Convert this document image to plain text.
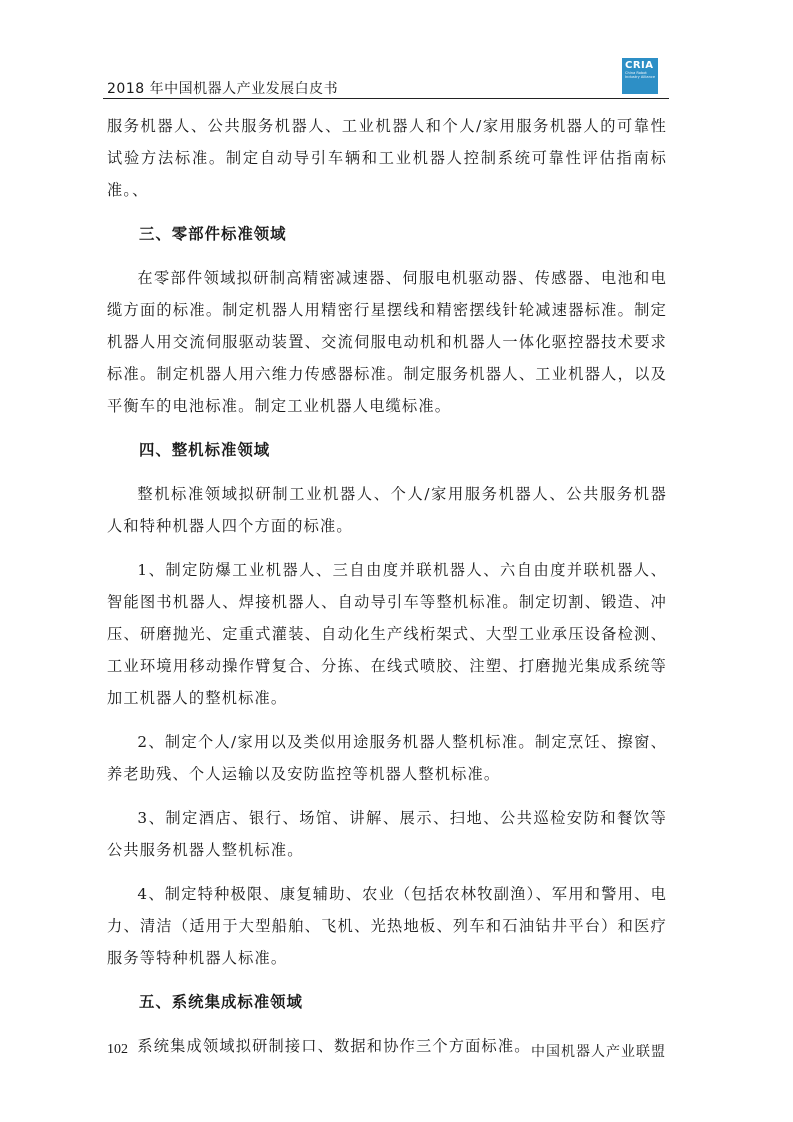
2018 年中国机器人产业发展白皮书
CRIA
China Robot Industry Alliance

服务机器人、公共服务机器人、工业机器人和个人/家用服务机器人的可靠性试验方法标准。制定自动导引车辆和工业机器人控制系统可靠性评估指南标准。、

三、零部件标准领域

在零部件领域拟研制高精密减速器、伺服电机驱动器、传感器、电池和电缆方面的标准。制定机器人用精密行星摆线和精密摆线针轮减速器标准。制定机器人用交流伺服驱动装置、交流伺服电动机和机器人一体化驱控器技术要求标准。制定机器人用六维力传感器标准。制定服务机器人、工业机器人，以及平衡车的电池标准。制定工业机器人电缆标准。

四、整机标准领域

整机标准领域拟研制工业机器人、个人/家用服务机器人、公共服务机器人和特种机器人四个方面的标准。

1、制定防爆工业机器人、三自由度并联机器人、六自由度并联机器人、智能图书机器人、焊接机器人、自动导引车等整机标准。制定切割、锻造、冲压、研磨抛光、定重式灌装、自动化生产线桁架式、大型工业承压设备检测、工业环境用移动操作臂复合、分拣、在线式喷胶、注塑、打磨抛光集成系统等加工机器人的整机标准。

2、制定个人/家用以及类似用途服务机器人整机标准。制定烹饪、擦窗、养老助残、个人运输以及安防监控等机器人整机标准。

3、制定酒店、银行、场馆、讲解、展示、扫地、公共巡检安防和餐饮等公共服务机器人整机标准。

4、制定特种极限、康复辅助、农业（包括农林牧副渔）、军用和警用、电力、清洁（适用于大型船舶、飞机、光热地板、列车和石油钻井平台）和医疗服务等特种机器人标准。

五、系统集成标准领域

系统集成领域拟研制接口、数据和协作三个方面标准。

102	中国机器人产业联盟
